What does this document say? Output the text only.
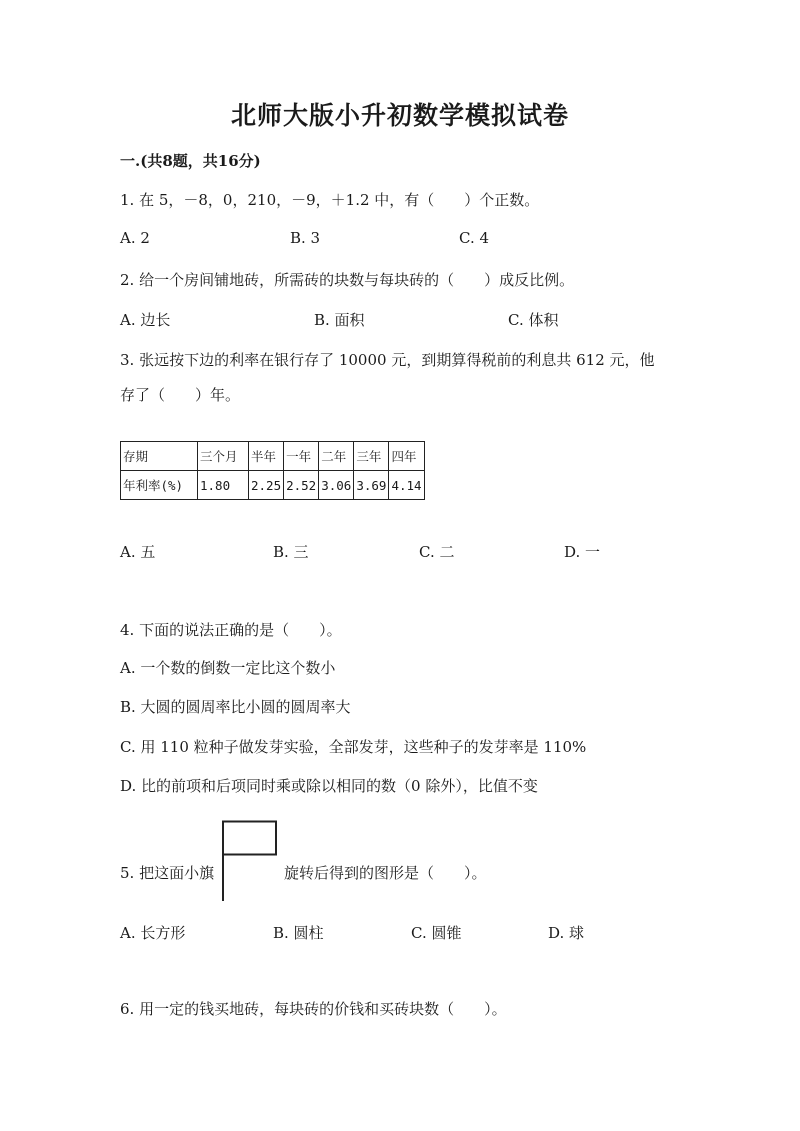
北师大版小升初数学模拟试卷
一.(共8题，共16分)
1. 在 5，－8，0，210，－9，＋1.2 中，有（　　）个正数。
A. 2	B. 3	C. 4
2. 给一个房间铺地砖，所需砖的块数与每块砖的（　　）成反比例。
A. 边长	B. 面积	C. 体积
3. 张远按下边的利率在银行存了 10000 元，到期算得税前的利息共 612 元，他
存了（　　）年。
存期	三个月	半年	一年	二年	三年	四年
年利率(%)	1.80	2.25	2.52	3.06	3.69	4.14
A. 五	B. 三	C. 二	D. 一
4. 下面的说法正确的是（　　）。
A. 一个数的倒数一定比这个数小
B. 大圆的圆周率比小圆的圆周率大
C. 用 110 粒种子做发芽实验，全部发芽，这些种子的发芽率是 110%
D. 比的前项和后项同时乘或除以相同的数（0 除外），比值不变
5. 把这面小旗	旋转后得到的图形是（　　）。
A. 长方形	B. 圆柱	C. 圆锥	D. 球
6. 用一定的钱买地砖，每块砖的价钱和买砖块数（　　）。
